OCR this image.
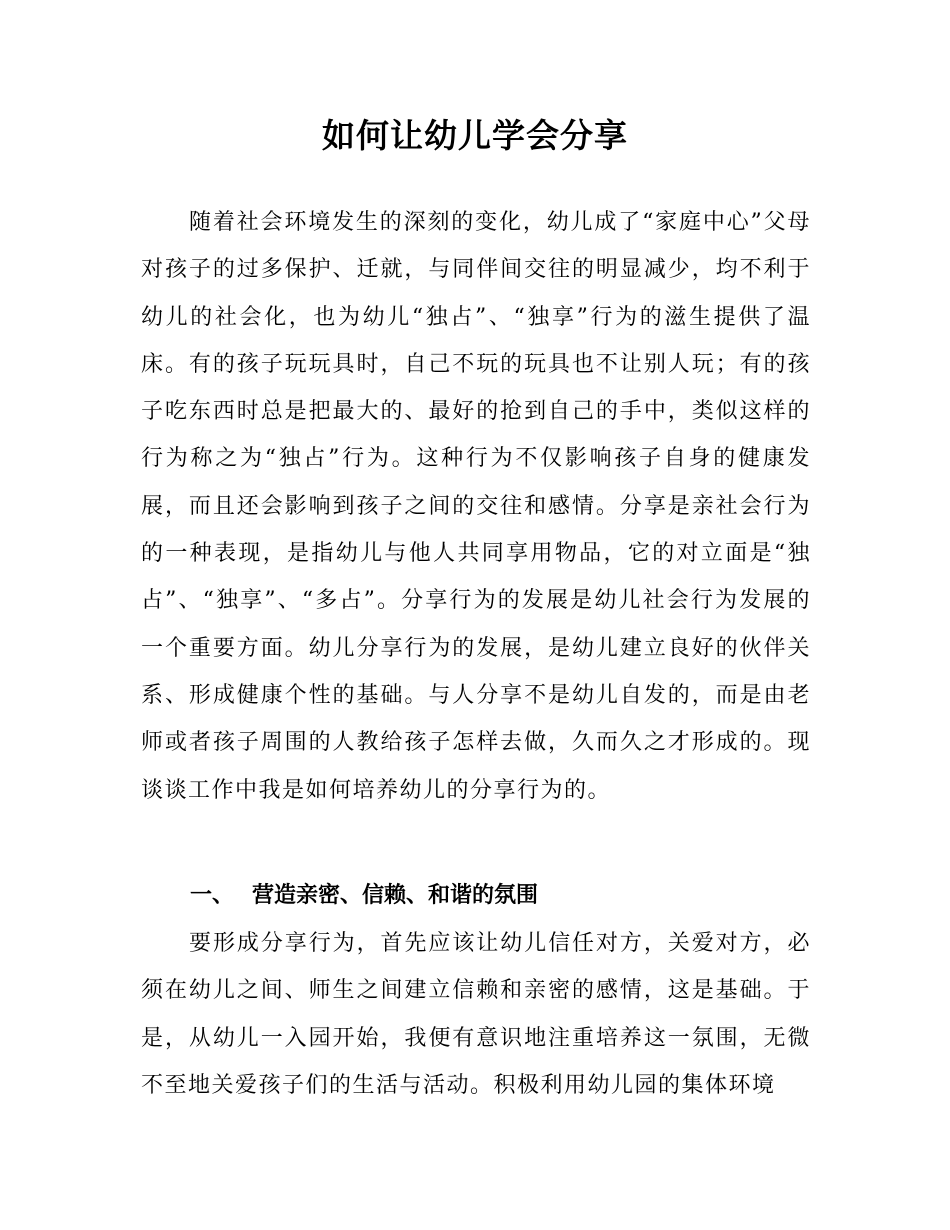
如何让幼儿学会分享

随着社会环境发生的深刻的变化，幼儿成了“家庭中心”父母对孩子的过多保护、迁就，与同伴间交往的明显减少，均不利于幼儿的社会化，也为幼儿“独占”、“独享”行为的滋生提供了温床。有的孩子玩玩具时，自己不玩的玩具也不让别人玩；有的孩子吃东西时总是把最大的、最好的抢到自己的手中，类似这样的行为称之为“独占”行为。这种行为不仅影响孩子自身的健康发展，而且还会影响到孩子之间的交往和感情。分享是亲社会行为的一种表现，是指幼儿与他人共同享用物品，它的对立面是“独占”、“独享”、“多占”。分享行为的发展是幼儿社会行为发展的一个重要方面。幼儿分享行为的发展，是幼儿建立良好的伙伴关系、形成健康个性的基础。与人分享不是幼儿自发的，而是由老师或者孩子周围的人教给孩子怎样去做，久而久之才形成的。现谈谈工作中我是如何培养幼儿的分享行为的。

一、 营造亲密、信赖、和谐的氛围

要形成分享行为，首先应该让幼儿信任对方，关爱对方，必须在幼儿之间、师生之间建立信赖和亲密的感情，这是基础。于是，从幼儿一入园开始，我便有意识地注重培养这一氛围，无微不至地关爱孩子们的生活与活动。积极利用幼儿园的集体环境
